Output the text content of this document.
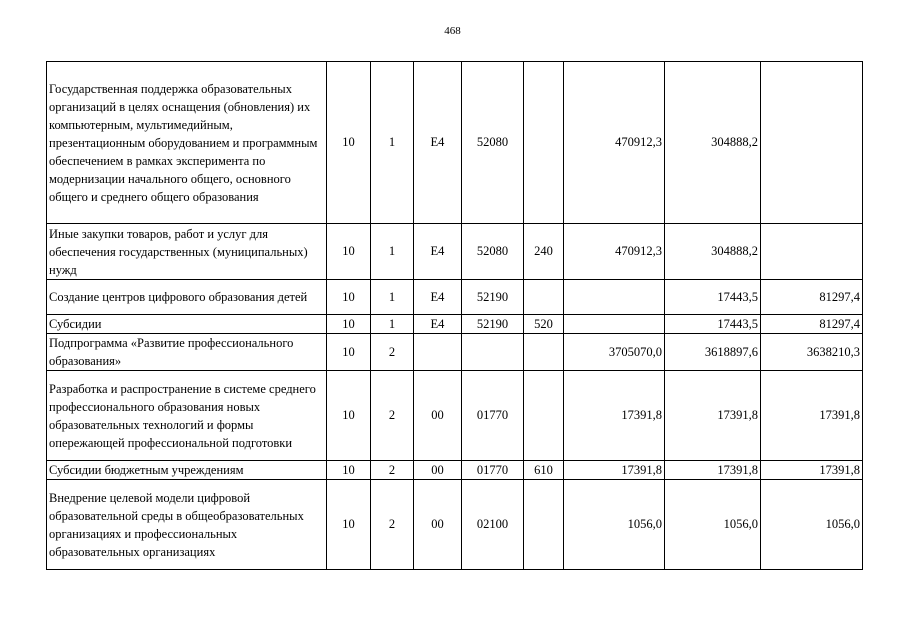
468
Государственная поддержка образовательных организаций в целях оснащения (обновления) их компьютерным, мультимедийным, презентационным оборудованием и программным обеспечением в рамках эксперимента по модернизации начального общего, основного общего и среднего общего образования	10	1	Е4	52080		470912,3	304888,2	
Иные закупки товаров, работ и услуг для обеспечения государственных (муниципальных) нужд	10	1	Е4	52080	240	470912,3	304888,2	
Создание центров цифрового образования детей	10	1	Е4	52190			17443,5	81297,4
Субсидии	10	1	Е4	52190	520		17443,5	81297,4
Подпрограмма «Развитие профессионального образования»	10	2				3705070,0	3618897,6	3638210,3
Разработка и распространение в системе среднего профессионального образования новых образовательных технологий и формы опережающей профессиональной подготовки	10	2	00	01770		17391,8	17391,8	17391,8
Субсидии бюджетным учреждениям	10	2	00	01770	610	17391,8	17391,8	17391,8
Внедрение целевой модели цифровой образовательной среды в общеобразовательных организациях и профессиональных образовательных организациях	10	2	00	02100		1056,0	1056,0	1056,0
